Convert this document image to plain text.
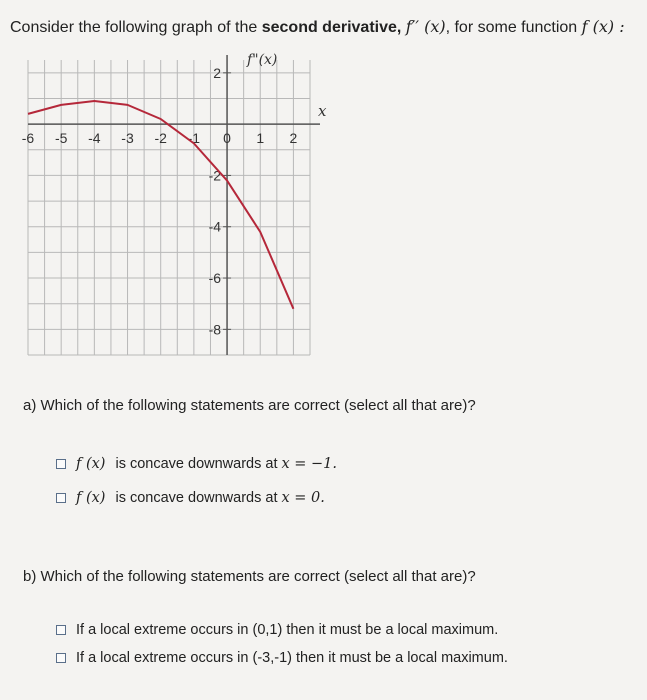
Consider the following graph of the second derivative, f′′ (x), for some function f (x) :
-6 -5 -4 -3 -2 -1 0 1 2
2
-2
-4
-6
-8
x
f"(x)
a) Which of the following statements are correct (select all that are)?
f (x) is concave downwards at x = −1.
f (x) is concave downwards at x = 0.
b) Which of the following statements are correct (select all that are)?
If a local extreme occurs in (0,1) then it must be a local maximum.
If a local extreme occurs in (-3,-1) then it must be a local maximum.
